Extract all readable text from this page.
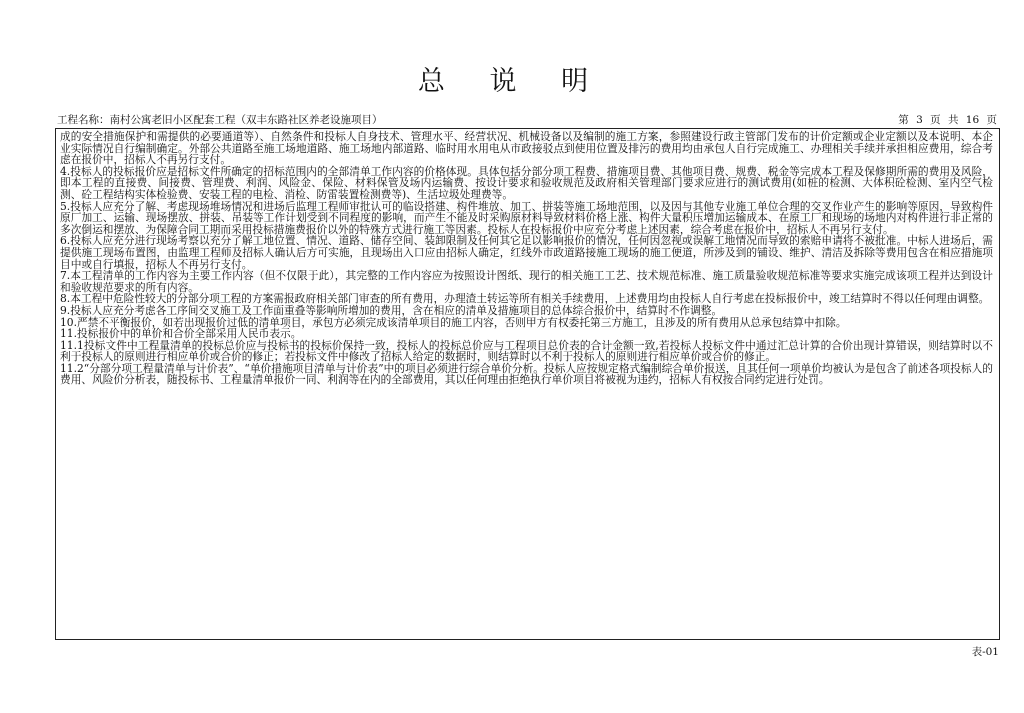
总 说 明
工程名称：南村公寓老旧小区配套工程（双丰东路社区养老设施项目）	第 3 页 共 16 页

成的安全措施保护和需提供的必要通道等）、自然条件和投标人自身技术、管理水平、经营状况、机械设备以及编制的施工方案，参照建设行政主管部门发布的计价定额或企业定额以及本说明、本企业实际情况自行编制确定。外部公共道路至施工场地道路、施工场地内部道路、临时用水用电从市政接驳点到使用位置及排污的费用均由承包人自行完成施工、办理相关手续并承担相应费用，综合考虑在报价中，招标人不再另行支付。

4.投标人的投标报价应是招标文件所确定的招标范围内的全部清单工作内容的价格体现。具体包括分部分项工程费、措施项目费、其他项目费、规费、税金等完成本工程及保修期所需的费用及风险，即本工程的直接费、间接费、管理费、利润、风险金、保险、材料保管及场内运输费、按设计要求和验收规范及政府相关管理部门要求应进行的测试费用(如桩的检测、大体积砼检测、室内空气检测、砼工程结构实体检验费、安装工程的电检、消检、防雷装置检测费等)、生活垃圾处理费等。

5.投标人应充分了解、考虑现场堆场情况和进场后监理工程师审批认可的临设搭建、构件堆放、加工、拼装等施工场地范围，以及因与其他专业施工单位合理的交叉作业产生的影响等原因，导致构件原厂加工、运输、现场摆放、拼装、吊装等工作计划受到不同程度的影响，而产生不能及时采购原材料导致材料价格上涨、构件大量积压增加运输成本、在原工厂和现场的场地内对构件进行非正常的多次倒运和摆放、为保障合同工期而采用投标措施费报价以外的特殊方式进行施工等因素。投标人在投标报价中应充分考虑上述因素，综合考虑在报价中，招标人不再另行支付。

6.投标人应充分进行现场考察以充分了解工地位置、情况、道路、储存空间、装卸限制及任何其它足以影响报价的情况，任何因忽视或误解工地情况而导致的索赔申请将不被批准。中标人进场后，需提供施工现场布置图，由监理工程师及招标人确认后方可实施，且现场出入口应由招标人确定，红线外市政道路接施工现场的施工便道，所涉及到的铺设、维护、清洁及拆除等费用包含在相应措施项目中或自行填报，招标人不再另行支付。

7.本工程清单的工作内容为主要工作内容（但不仅限于此），其完整的工作内容应为按照设计图纸、现行的相关施工工艺、技术规范标准、施工质量验收规范标准等要求实施完成该项工程并达到设计和验收规范要求的所有内容。

8.本工程中危险性较大的分部分项工程的方案需报政府相关部门审查的所有费用，办理渣土转运等所有相关手续费用，上述费用均由投标人自行考虑在投标报价中，竣工结算时不得以任何理由调整。

9.投标人应充分考虑各工序间交叉施工及工作面重叠等影响所增加的费用，含在相应的清单及措施项目的总体综合报价中，结算时不作调整。

10.严禁不平衡报价，如若出现报价过低的清单项目，承包方必须完成该清单项目的施工内容，否则甲方有权委托第三方施工，且涉及的所有费用从总承包结算中扣除。

11.投标报价中的单价和合价全部采用人民币表示。

11.1投标文件中工程量清单的投标总价应与投标书的投标价保持一致，投标人的投标总价应与工程项目总价表的合计金额一致,若投标人投标文件中通过汇总计算的合价出现计算错误，则结算时以不利于投标人的原则进行相应单价或合价的修正；若投标文件中修改了招标人给定的数据时，则结算时以不利于投标人的原则进行相应单价或合价的修正。

11.2“分部分项工程量清单与计价表”、“单价措施项目清单与计价表”中的项目必须进行综合单价分析。投标人应按规定格式编制综合单价报送，且其任何一项单价均被认为是包含了前述各项投标人的费用、风险价分析表，随投标书、工程量清单报价一同、利润等在内的全部费用，其以任何理由拒绝执行单价项目将被视为违约，招标人有权按合同约定进行处罚。

表-01
